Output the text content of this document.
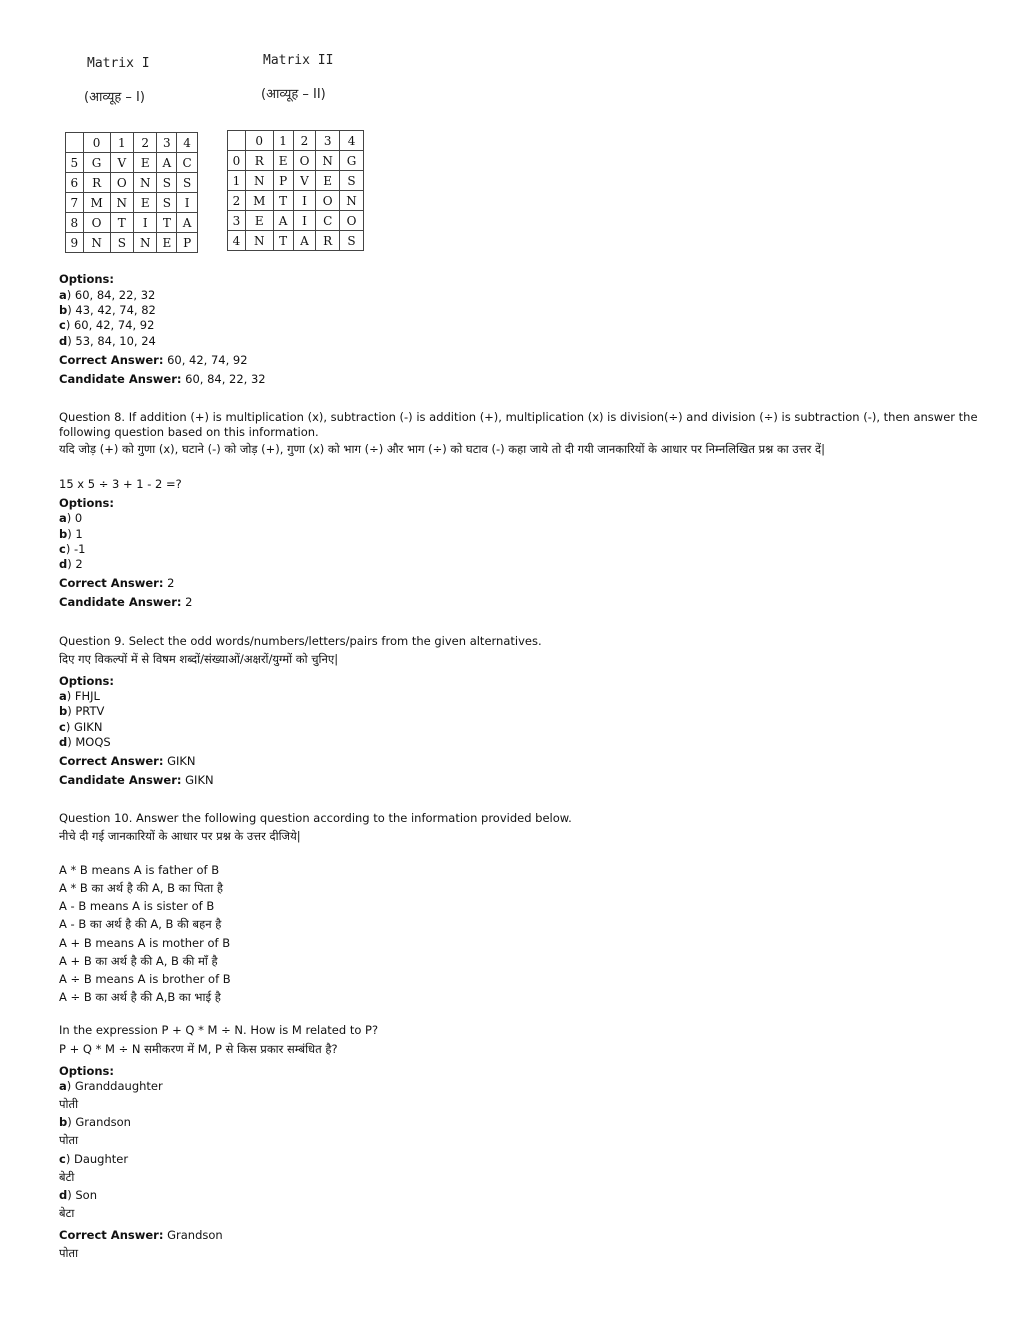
Matrix I
(आव्यूह – I)
Matrix II
(आव्यूह – II)
	0	1	2	3	4
5	G	V	E	A	C
6	R	O	N	S	S
7	M	N	E	S	I
8	O	T	I	T	A
9	N	S	N	E	P
	0	1	2	3	4
0	R	E	O	N	G
1	N	P	V	E	S
2	M	T	I	O	N
3	E	A	I	C	O
4	N	T	A	R	S
Options:
a) 60, 84, 22, 32
b) 43, 42, 74, 82
c) 60, 42, 74, 92
d) 53, 84, 10, 24
Correct Answer: 60, 42, 74, 92
Candidate Answer: 60, 84, 22, 32
Question 8. If addition (+) is multiplication (x), subtraction (-) is addition (+), multiplication (x) is division(÷) and division (÷) is subtraction (-), then answer the
following question based on this information.
यदि जोड़ (+) को गुणा (x), घटाने (-) को जोड़ (+), गुणा (x) को भाग (÷) और भाग (÷) को घटाव (-) कहा जाये तो दी गयी जानकारियों के आधार पर निम्नलिखित प्रश्न का उत्तर दें|
15 x 5 ÷ 3 + 1 - 2 =?
Options:
a) 0
b) 1
c) -1
d) 2
Correct Answer: 2
Candidate Answer: 2
Question 9. Select the odd words/numbers/letters/pairs from the given alternatives.
दिए गए विकल्पों में से विषम शब्दों/संख्याओं/अक्षरों/युग्मों को चुनिए|
Options:
a) FHJL
b) PRTV
c) GIKN
d) MOQS
Correct Answer: GIKN
Candidate Answer: GIKN
Question 10. Answer the following question according to the information provided below.
नीचे दी गई जानकारियों के आधार पर प्रश्न के उत्तर दीजिये|
A * B means A is father of B
A * B का अर्थ है की A, B का पिता है
A - B means A is sister of B
A - B का अर्थ है की A, B की बहन है
A + B means A is mother of B
A + B का अर्थ है की A, B की माँ है
A ÷ B means A is brother of B
A ÷ B का अर्थ है की A,B का भाई है
In the expression P + Q * M ÷ N. How is M related to P?
P + Q * M ÷ N समीकरण में M, P से किस प्रकार सम्बंधित है?
Options:
a) Granddaughter
पोती
b) Grandson
पोता
c) Daughter
बेटी
d) Son
बेटा
Correct Answer: Grandson
पोता
